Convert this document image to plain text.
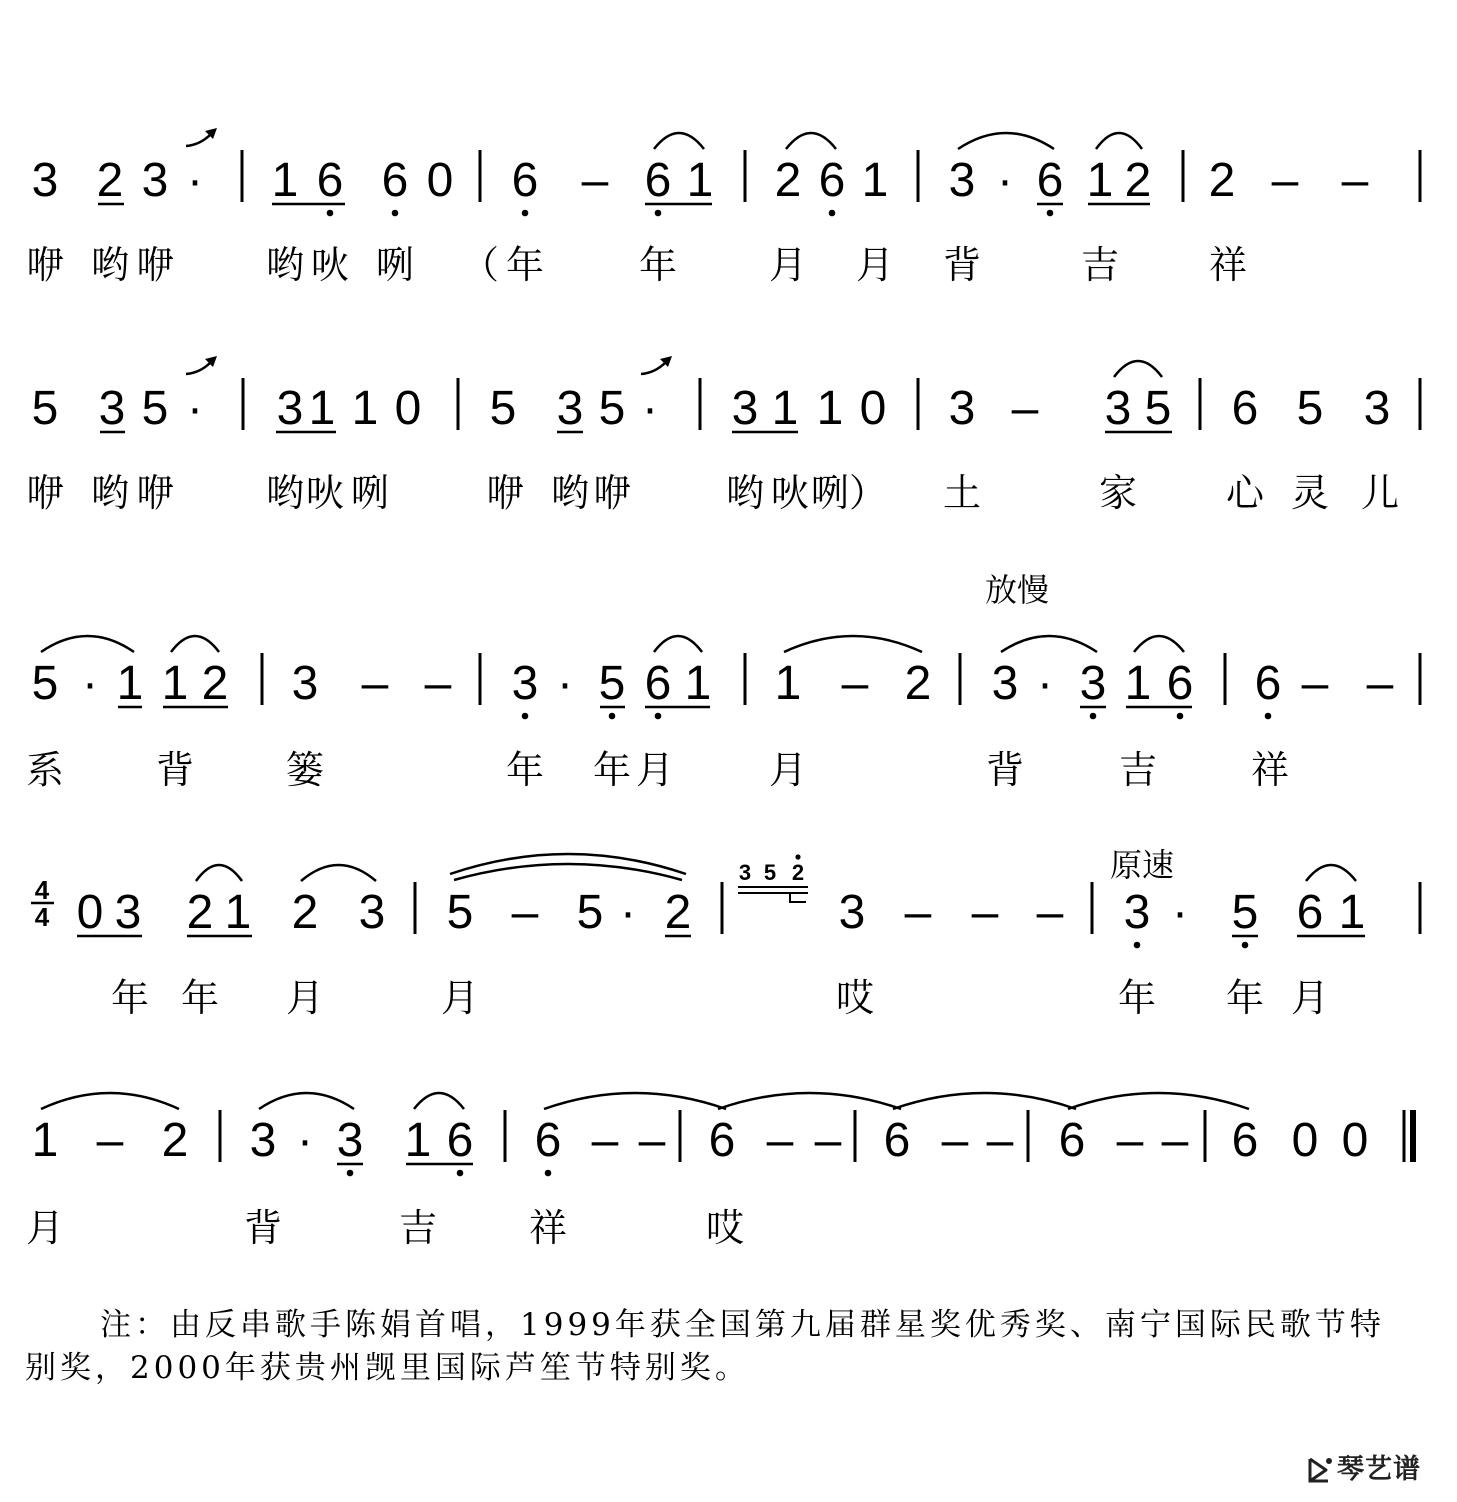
放慢
原速
4
4
3 5 2
注：由反串歌手陈娟首唱，1999年获全国第九届群星奖优秀奖、南宁国际民歌节特
别奖，2000年获贵州觊里国际芦笙节特别奖。
琴艺谱
3 2 3 · 1 6 6 0 6 – 6 1 2 6 1 3 · 6 1 2 2 – –
咿 哟 咿 哟 吙 咧 （ 年 年 月 月 背	吉 祥
5 3 5 · 3 1 1 0 5 3 5 · 3 1 1 0 3 – 3 5 6 5 3
咿 哟 咿 哟 吙 咧	咿 哟 咿 哟 吙 咧 ） 土	家 心 灵 儿
5 · 1 1 2 3 – – 3 · 5 6 1 1 – 2 3 · 3 1 6 6 – –
系 背 篓	年 年 月 月	背 吉 祥
0 3 2 1 2 3 5 – 5 · 2	3 – – – 3 · 5 6 1
年 年 月	月	哎	年 年 月
1 – 2 3 · 3 1 6 6 – – 6 – – 6 – – 6 – – 6 0 0
月	背	吉 祥	哎
